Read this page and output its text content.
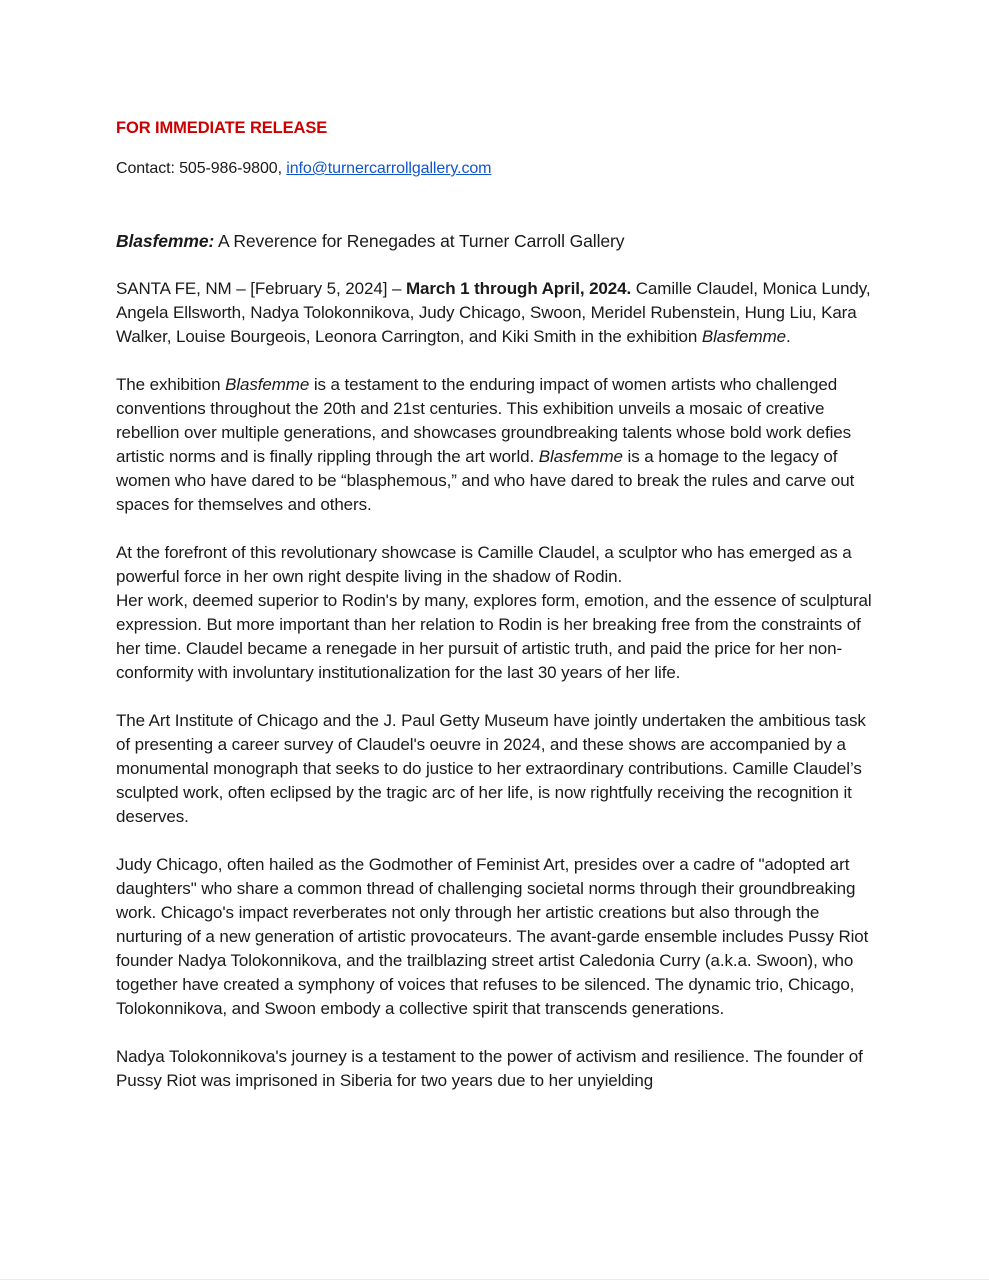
FOR IMMEDIATE RELEASE

Contact: 505-986-9800, info@turnercarrollgallery.com

Blasfemme: A Reverence for Renegades at Turner Carroll Gallery

SANTA FE, NM – [February 5, 2024] – March 1 through April, 2024. Camille Claudel, Monica Lundy, Angela Ellsworth, Nadya Tolokonnikova, Judy Chicago, Swoon, Meridel Rubenstein, Hung Liu, Kara Walker, Louise Bourgeois, Leonora Carrington, and Kiki Smith in the exhibition Blasfemme.

The exhibition Blasfemme is a testament to the enduring impact of women artists who challenged conventions throughout the 20th and 21st centuries. This exhibition unveils a mosaic of creative rebellion over multiple generations, and showcases groundbreaking talents whose bold work defies artistic norms and is finally rippling through the art world. Blasfemme is a homage to the legacy of women who have dared to be “blasphemous,” and who have dared to break the rules and carve out spaces for themselves and others.

At the forefront of this revolutionary showcase is Camille Claudel, a sculptor who has emerged as a powerful force in her own right despite living in the shadow of Rodin.
Her work, deemed superior to Rodin's by many, explores form, emotion, and the essence of sculptural expression. But more important than her relation to Rodin is her breaking free from the constraints of her time. Claudel became a renegade in her pursuit of artistic truth, and paid the price for her non-conformity with involuntary institutionalization for the last 30 years of her life.

The Art Institute of Chicago and the J. Paul Getty Museum have jointly undertaken the ambitious task of presenting a career survey of Claudel's oeuvre in 2024, and these shows are accompanied by a monumental monograph that seeks to do justice to her extraordinary contributions. Camille Claudel’s sculpted work, often eclipsed by the tragic arc of her life, is now rightfully receiving the recognition it deserves.

Judy Chicago, often hailed as the Godmother of Feminist Art, presides over a cadre of "adopted art daughters" who share a common thread of challenging societal norms through their groundbreaking work. Chicago's impact reverberates not only through her artistic creations but also through the nurturing of a new generation of artistic provocateurs. The avant-garde ensemble includes Pussy Riot founder Nadya Tolokonnikova, and the trailblazing street artist Caledonia Curry (a.k.a. Swoon), who together have created a symphony of voices that refuses to be silenced. The dynamic trio, Chicago, Tolokonnikova, and Swoon embody a collective spirit that transcends generations.

Nadya Tolokonnikova's journey is a testament to the power of activism and resilience. The founder of Pussy Riot was imprisoned in Siberia for two years due to her unyielding
